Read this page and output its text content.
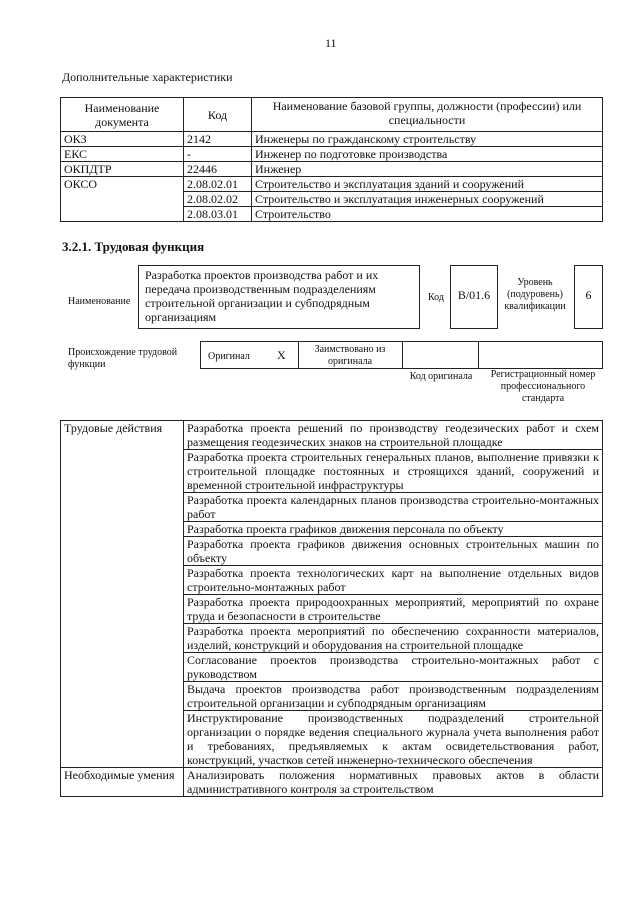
11
Дополнительные характеристики
Наименование документа	Код	Наименование базовой группы, должности (профессии) или специальности
ОКЗ	2142	Инженеры по гражданскому строительству
ЕКС	-	Инженер по подготовке производства
ОКПДТР	22446	Инженер
ОКСО	2.08.02.01	Строительство и эксплуатация зданий и сооружений
	2.08.02.02	Строительство и эксплуатация инженерных сооружений
	2.08.03.01	Строительство
3.2.1. Трудовая функция
Наименование
Разработка проектов производства работ и их передача производственным подразделениям строительной организации и субподрядным организациям
Код	B/01.6
Уровень (подуровень) квалификации
6
Происхождение трудовой функции
Оригинал X	Заимствовано из оригинала
Код оригинала	Регистрационный номер профессионального стандарта
Трудовые действия	Разработка проекта решений по производству геодезических работ и схем размещения геодезических знаков на строительной площадке
	Разработка проекта строительных генеральных планов, выполнение привязки к строительной площадке постоянных и строящихся зданий, сооружений и временной строительной инфраструктуры
	Разработка проекта календарных планов производства строительно-монтажных работ
	Разработка проекта графиков движения персонала по объекту
	Разработка проекта графиков движения основных строительных машин по объекту
	Разработка проекта технологических карт на выполнение отдельных видов строительно-монтажных работ
	Разработка проекта природоохранных мероприятий, мероприятий по охране труда и безопасности в строительстве
	Разработка проекта мероприятий по обеспечению сохранности материалов, изделий, конструкций и оборудования на строительной площадке
	Согласование проектов производства строительно-монтажных работ с руководством
	Выдача проектов производства работ производственным подразделениям строительной организации и субподрядным организациям
	Инструктирование производственных подразделений строительной организации о порядке ведения специального журнала учета выполнения работ и требованиях, предъявляемых к актам освидетельствования работ, конструкций, участков сетей инженерно-технического обеспечения
Необходимые умения	Анализировать положения нормативных правовых актов в области административного контроля за строительством
